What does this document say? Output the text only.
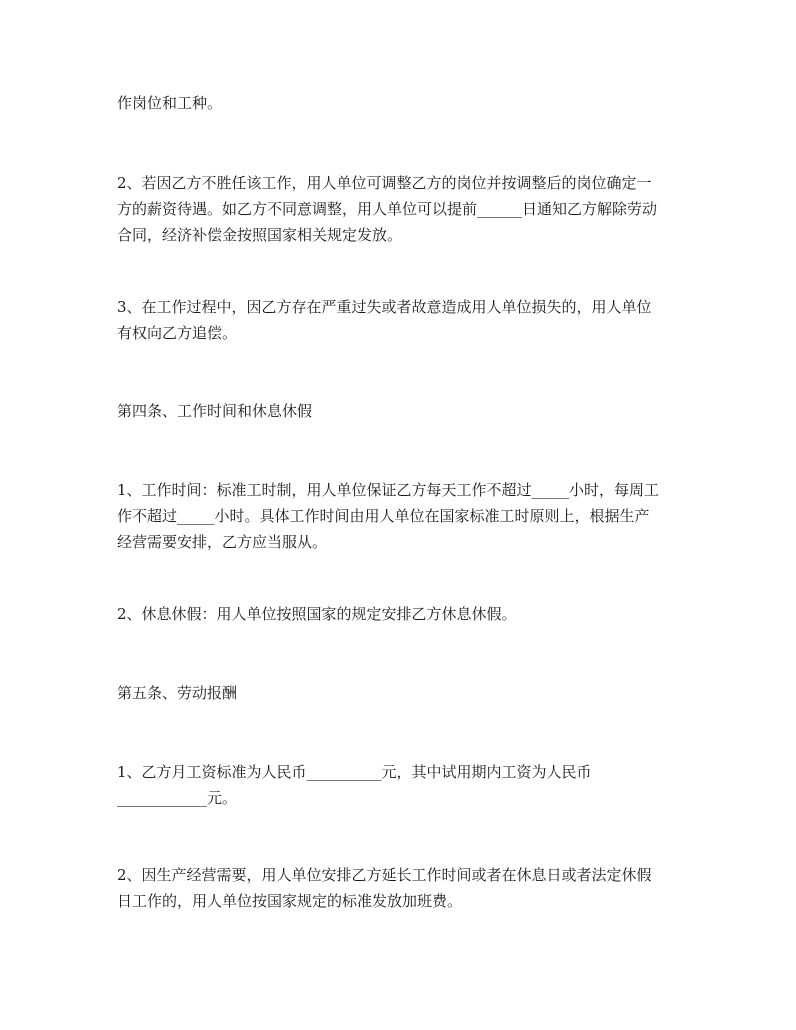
作岗位和工种。

2、若因乙方不胜任该工作，用人单位可调整乙方的岗位并按调整后的岗位确定一
方的薪资待遇。如乙方不同意调整，用人单位可以提前______日通知乙方解除劳动
合同，经济补偿金按照国家相关规定发放。

3、在工作过程中，因乙方存在严重过失或者故意造成用人单位损失的，用人单位
有权向乙方追偿。

第四条、工作时间和休息休假

1、工作时间：标准工时制，用人单位保证乙方每天工作不超过_____小时，每周工
作不超过_____小时。具体工作时间由用人单位在国家标准工时原则上，根据生产
经营需要安排，乙方应当服从。

2、休息休假：用人单位按照国家的规定安排乙方休息休假。

第五条、劳动报酬

1、乙方月工资标准为人民币__________元，其中试用期内工资为人民币
____________元。

2、因生产经营需要，用人单位安排乙方延长工作时间或者在休息日或者法定休假
日工作的，用人单位按国家规定的标准发放加班费。
